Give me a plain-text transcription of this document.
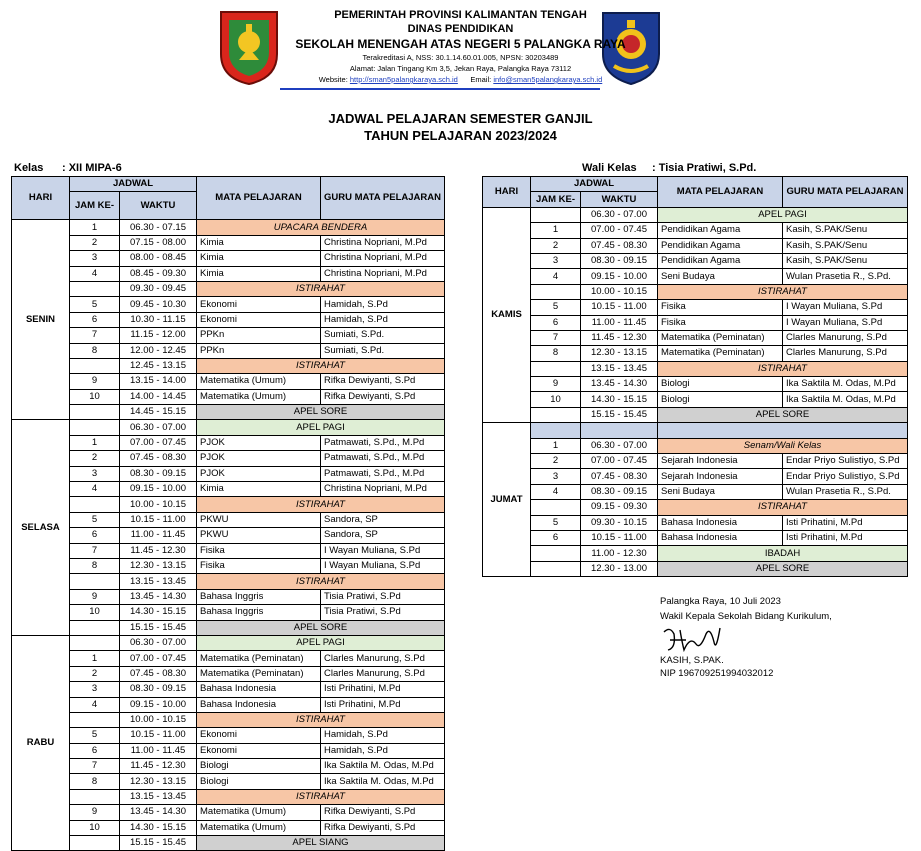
PEMERINTAH PROVINSI KALIMANTAN TENGAH
DINAS PENDIDIKAN
SEKOLAH MENENGAH ATAS NEGERI 5 PALANGKA RAYA
Terakreditasi A, NSS: 30.1.14.60.01.005, NPSN: 30203489
Alamat: Jalan Tingang Km 3,5, Jekan Raya, Palangka Raya 73112
Website: http://sman5palangkaraya.sch.id Email: info@sman5palangkaraya.sch.id
JADWAL PELAJARAN SEMESTER GANJIL
TAHUN PELAJARAN 2023/2024
Kelas : XII MIPA-6	Wali Kelas : Tisia Pratiwi, S.Pd.
HARI	JADWAL		MATA PELAJARAN	GURU MATA PELAJARAN
	JAM KE-	WAKTU		
SENIN	1	06.30 - 07.15	UPACARA BENDERA	
	2	07.15 - 08.00	Kimia	Christina Nopriani, M.Pd
	3	08.00 - 08.45	Kimia	Christina Nopriani, M.Pd
	4	08.45 - 09.30	Kimia	Christina Nopriani, M.Pd
		09.30 - 09.45	ISTIRAHAT	
	5	09.45 - 10.30	Ekonomi	Hamidah, S.Pd
	6	10.30 - 11.15	Ekonomi	Hamidah, S.Pd
	7	11.15 - 12.00	PPKn	Sumiati, S.Pd.
	8	12.00 - 12.45	PPKn	Sumiati, S.Pd.
		12.45 - 13.15	ISTIRAHAT	
	9	13.15 - 14.00	Matematika (Umum)	Rifka Dewiyanti, S.Pd
	10	14.00 - 14.45	Matematika (Umum)	Rifka Dewiyanti, S.Pd
		14.45 - 15.15	APEL SORE	
SELASA		06.30 - 07.00	APEL PAGI	
	1	07.00 - 07.45	PJOK	Patmawati, S.Pd., M.Pd
	2	07.45 - 08.30	PJOK	Patmawati, S.Pd., M.Pd
	3	08.30 - 09.15	PJOK	Patmawati, S.Pd., M.Pd
	4	09.15 - 10.00	Kimia	Christina Nopriani, M.Pd
		10.00 - 10.15	ISTIRAHAT	
	5	10.15 - 11.00	PKWU	Sandora, SP
	6	11.00 - 11.45	PKWU	Sandora, SP
	7	11.45 - 12.30	Fisika	I Wayan Muliana, S.Pd
	8	12.30 - 13.15	Fisika	I Wayan Muliana, S.Pd
		13.15 - 13.45	ISTIRAHAT	
	9	13.45 - 14.30	Bahasa Inggris	Tisia Pratiwi, S.Pd
	10	14.30 - 15.15	Bahasa Inggris	Tisia Pratiwi, S.Pd
		15.15 - 15.45	APEL SORE	
RABU		06.30 - 07.00	APEL PAGI	
	1	07.00 - 07.45	Matematika (Peminatan)	Clarles Manurung, S.Pd
	2	07.45 - 08.30	Matematika (Peminatan)	Clarles Manurung, S.Pd
	3	08.30 - 09.15	Bahasa Indonesia	Isti Prihatini, M.Pd
	4	09.15 - 10.00	Bahasa Indonesia	Isti Prihatini, M.Pd
		10.00 - 10.15	ISTIRAHAT	
	5	10.15 - 11.00	Ekonomi	Hamidah, S.Pd
	6	11.00 - 11.45	Ekonomi	Hamidah, S.Pd
	7	11.45 - 12.30	Biologi	Ika Saktila M. Odas, M.Pd
	8	12.30 - 13.15	Biologi	Ika Saktila M. Odas, M.Pd
		13.15 - 13.45	ISTIRAHAT	
	9	13.45 - 14.30	Matematika (Umum)	Rifka Dewiyanti, S.Pd
	10	14.30 - 15.15	Matematika (Umum)	Rifka Dewiyanti, S.Pd
		15.15 - 15.45	APEL SIANG	
HARI	JADWAL		MATA PELAJARAN	GURU MATA PELAJARAN
	JAM KE-	WAKTU		
KAMIS		06.30 - 07.00	APEL PAGI	
	1	07.00 - 07.45	Pendidikan Agama	Kasih, S.PAK/Senu
	2	07.45 - 08.30	Pendidikan Agama	Kasih, S.PAK/Senu
	3	08.30 - 09.15	Pendidikan Agama	Kasih, S.PAK/Senu
	4	09.15 - 10.00	Seni Budaya	Wulan Prasetia R., S.Pd.
		10.00 - 10.15	ISTIRAHAT	
	5	10.15 - 11.00	Fisika	I Wayan Muliana, S.Pd
	6	11.00 - 11.45	Fisika	I Wayan Muliana, S.Pd
	7	11.45 - 12.30	Matematika (Peminatan)	Clarles Manurung, S.Pd
	8	12.30 - 13.15	Matematika (Peminatan)	Clarles Manurung, S.Pd
		13.15 - 13.45	ISTIRAHAT	
	9	13.45 - 14.30	Biologi	Ika Saktila M. Odas, M.Pd
	10	14.30 - 15.15	Biologi	Ika Saktila M. Odas, M.Pd
		15.15 - 15.45	APEL SORE	
JUMAT				
	1	06.30 - 07.00	Senam/Wali Kelas	
	2	07.00 - 07.45	Sejarah Indonesia	Endar Priyo Sulistiyo, S.Pd
	3	07.45 - 08.30	Sejarah Indonesia	Endar Priyo Sulistiyo, S.Pd
	4	08.30 - 09.15	Seni Budaya	Wulan Prasetia R., S.Pd.
		09.15 - 09.30	ISTIRAHAT	
	5	09.30 - 10.15	Bahasa Indonesia	Isti Prihatini, M.Pd
	6	10.15 - 11.00	Bahasa Indonesia	Isti Prihatini, M.Pd
		11.00 - 12.30	IBADAH	
		12.30 - 13.00	APEL SORE	
Palangka Raya, 10 Juli 2023
Wakil Kepala Sekolah Bidang Kurikulum,
KASIH, S.PAK.
NIP 196709251994032012
